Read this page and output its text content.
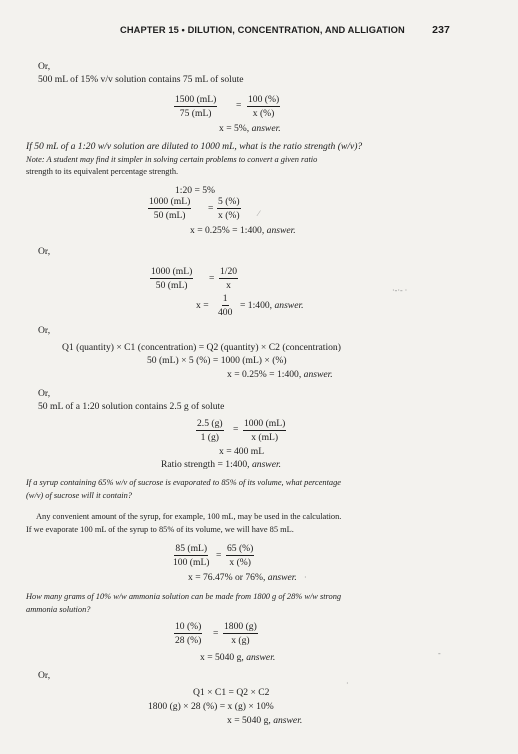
CHAPTER 15 • DILUTION, CONCENTRATION, AND ALLIGATION	237
Or,
500 mL of 15% v/v solution contains 75 mL of solute
$\frac{1500 (mL)}{75 (mL)} = \frac{100 (\%)}{x (\%)}$
x = 5%, answer.
If 50 mL of a 1:20 w/v solution are diluted to 1000 mL, what is the ratio strength (w/v)?
Note: A student may find it simpler in solving certain problems to convert a given ratio
strength to its equivalent percentage strength.
1:20 = 5%
$\frac{1000 (mL)}{50 (mL)} = \frac{5 (\%)}{x (\%)}$
x = 0.25% = 1:400, answer.
Or,
$\frac{1000 (mL)}{50 (mL)} = \frac{1/20}{x}$
$x = \frac{1}{400}$ = 1:400, answer.
Or,
Q1 (quantity) × C1 (concentration) = Q2 (quantity) × C2 (concentration)
50 (mL) × 5 (%) = 1000 (mL) × (%)
x = 0.25% = 1:400, answer.
Or,
50 mL of a 1:20 solution contains 2.5 g of solute
$\frac{2.5 (g)}{1 (g)} = \frac{1000 (mL)}{x (mL)}$
x = 400 mL
Ratio strength = 1:400, answer.
If a syrup containing 65% w/v of sucrose is evaporated to 85% of its volume, what percentage
(w/v) of sucrose will it contain?
Any convenient amount of the syrup, for example, 100 mL, may be used in the calculation.
If we evaporate 100 mL of the syrup to 85% of its volume, we will have 85 mL.
$\frac{85 (mL)}{100 (mL)} = \frac{65 (\%)}{x (\%)}$
x = 76.47% or 76%, answer.
How many grams of 10% w/w ammonia solution can be made from 1800 g of 28% w/w strong
ammonia solution?
$\frac{10 (\%)}{28 (\%)} = \frac{1800 (g)}{x (g)}$
x = 5040 g, answer.
Or,
Q1 × C1 = Q2 × C2
1800 (g) × 28 (%) = x (g) × 10%
x = 5040 g, answer.
⁄
·‐·‐ ·
·
‑
·
